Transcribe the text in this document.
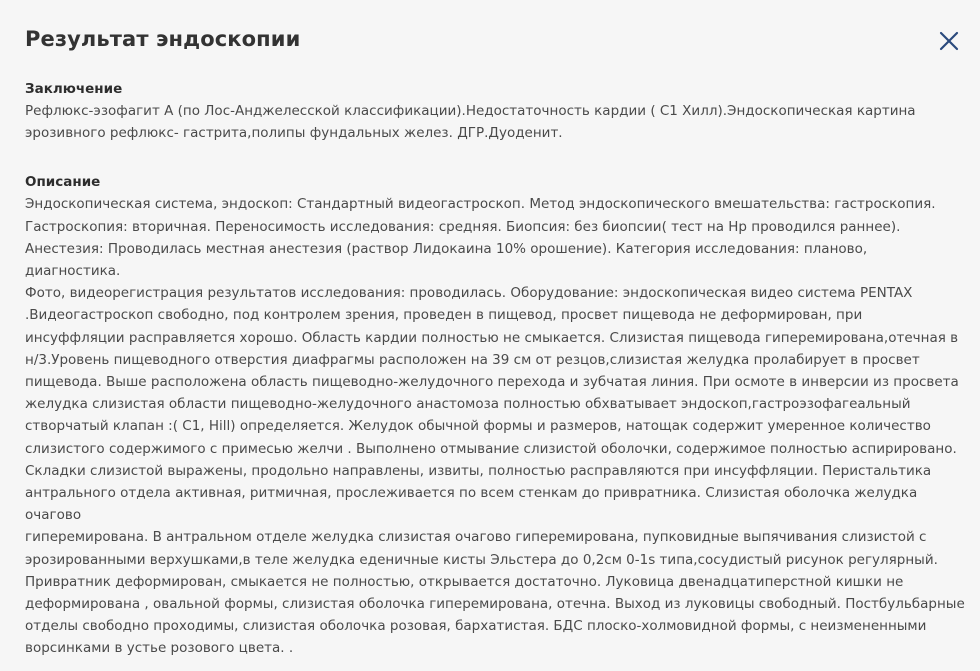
Результат эндоскопии
Заключение

Рефлюкс-эзофагит А (по Лос-Анджелесской классификации).Недостаточность кардии ( С1 Хилл).Эндоскопическая картина
эрозивного рефлюкс- гастрита,полипы фундальных желез. ДГР.Дуоденит.

Описание

Эндоскопическая система, эндоскоп: Стандартный видеогастроскоп. Метод эндоскопического вмешательства: гастроскопия.
Гастроскопия: вторичная. Переносимость исследования: средняя. Биопсия: без биопсии( тест на Hp проводился раннее).
Анестезия: Проводилась местная анестезия (раствор Лидокаина 10% орошение). Категория исследования: планово, диагностика.
Фото, видеорегистрация результатов исследования: проводилась. Оборудование: эндоскопическая видео система PENTAX
.Видеогастроскоп свободно, под контролем зрения, проведен в пищевод, просвет пищевода не деформирован, при
инсуффляции расправляется хорошо. Область кардии полностью не смыкается. Слизистая пищевода гиперемирована,отечная в
н/3.Уровень пищеводного отверстия диафрагмы расположен на 39 см от резцов,слизистая желудка пролабирует в просвет
пищевода. Выше расположена область пищеводно-желудочного перехода и зубчатая линия. При осмоте в инверсии из просвета
желудка слизистая области пищеводно-желудочного анастомоза полностью обхватывает эндоскоп,гастроэзофагеальный
створчатый клапан :( C1, Hill) определяется. Желудок обычной формы и размеров, натощак содержит умеренное количество
слизистого содержимого с примесью желчи . Выполнено отмывание слизистой оболочки, содержимое полностью аспирировано.
Складки слизистой выражены, продольно направлены, извиты, полностью расправляются при инсуффляции. Перистальтика
антрального отдела активная, ритмичная, прослеживается по всем стенкам до привратника. Слизистая оболочка желудка очагово
гиперемирована. В антральном отделе желудка слизистая очагово гиперемирована, пупковидные выпячивания слизистой с
эрозированными верхушками,в теле желудка еденичные кисты Эльстера до 0,2см 0-1s типа,сосудистый рисунок регулярный.
Привратник деформирован, смыкается не полностью, открывается достаточно. Луковица двенадцатиперстной кишки не
деформирована , овальной формы, слизистая оболочка гиперемирована, отечна. Выход из луковицы свободный. Постбульбарные
отделы свободно проходимы, слизистая оболочка розовая, бархатистая. БДС плоско-холмовидной формы, с неизмененными
ворсинками в устье розового цвета. .
